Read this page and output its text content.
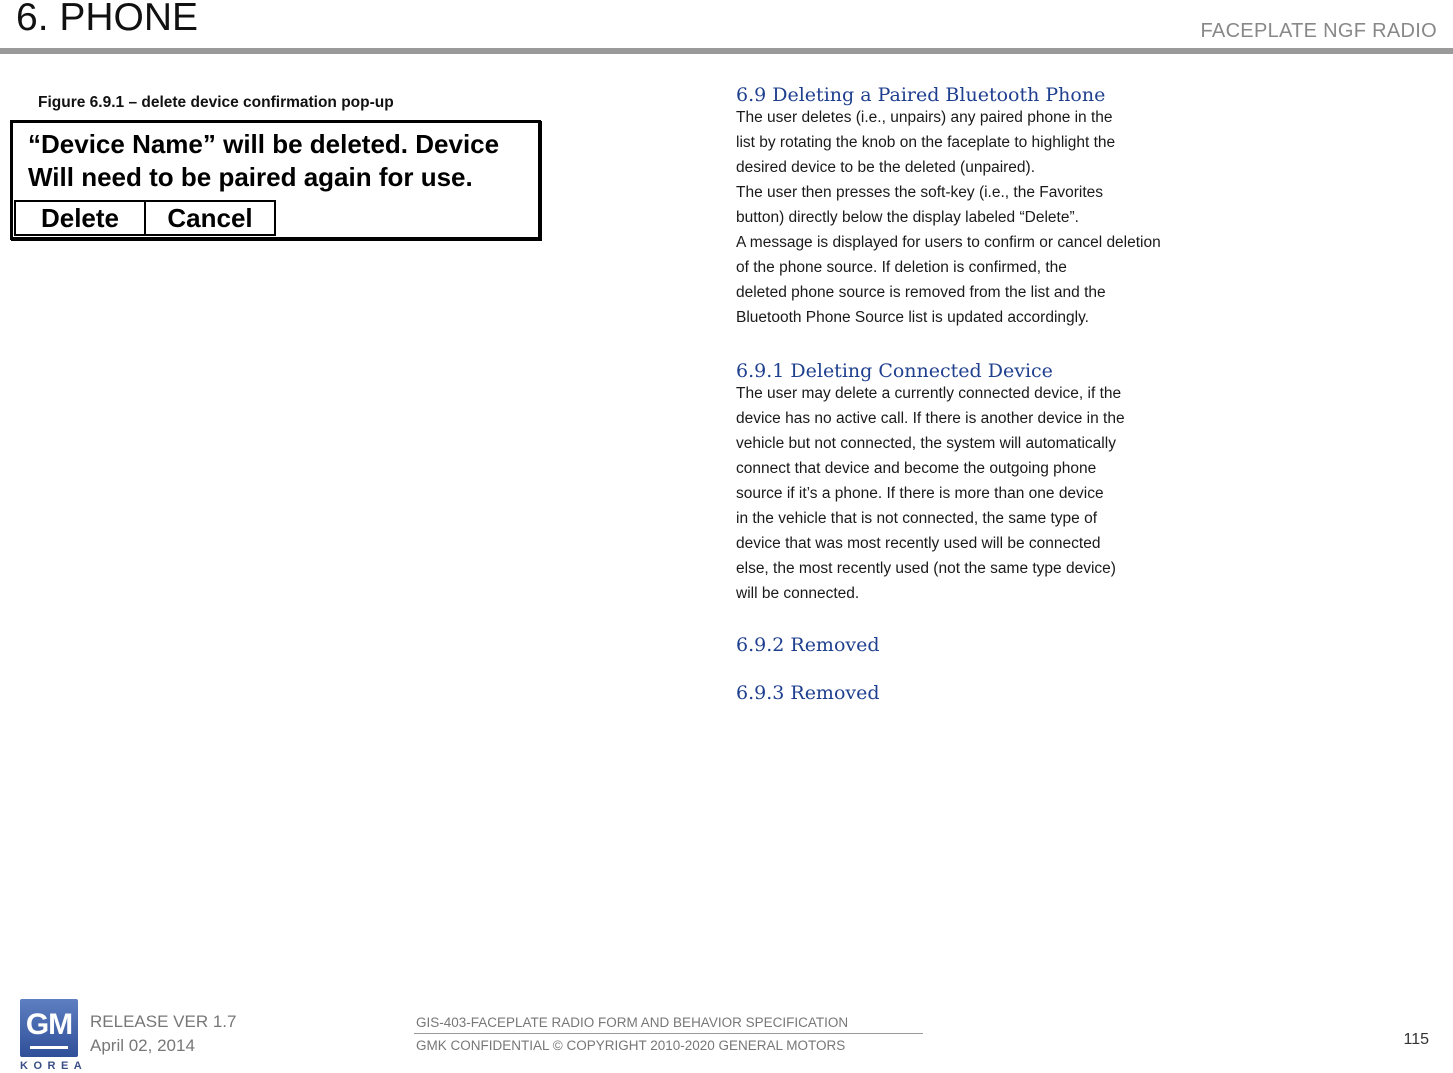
6. PHONE	FACEPLATE NGF RADIO
Figure 6.9.1 – delete device confirmation pop-up
“Device Name” will be deleted. Device
Will need to be paired again for use.
Delete	Cancel
6.9 Deleting a Paired Bluetooth Phone
The user deletes (i.e., unpairs) any paired phone in the
list by rotating the knob on the faceplate to highlight the
desired device to be the deleted (unpaired).
The user then presses the soft-key (i.e., the Favorites
button) directly below the display labeled “Delete”.
A message is displayed for users to confirm or cancel deletion
of the phone source. If deletion is confirmed, the
deleted phone source is removed from the list and the
Bluetooth Phone Source list is updated accordingly.
6.9.1 Deleting Connected Device
The user may delete a currently connected device, if the
device has no active call. If there is another device in the
vehicle but not connected, the system will automatically
connect that device and become the outgoing phone
source if it’s a phone. If there is more than one device
in the vehicle that is not connected, the same type of
device that was most recently used will be connected
else, the most recently used (not the same type device)
will be connected.
6.9.2 Removed
6.9.3 Removed
GM
KOREA
RELEASE VER 1.7
April 02, 2014
GIS-403-FACEPLATE RADIO FORM AND BEHAVIOR SPECIFICATION
GMK CONFIDENTIAL © COPYRIGHT 2010-2020 GENERAL MOTORS	115
